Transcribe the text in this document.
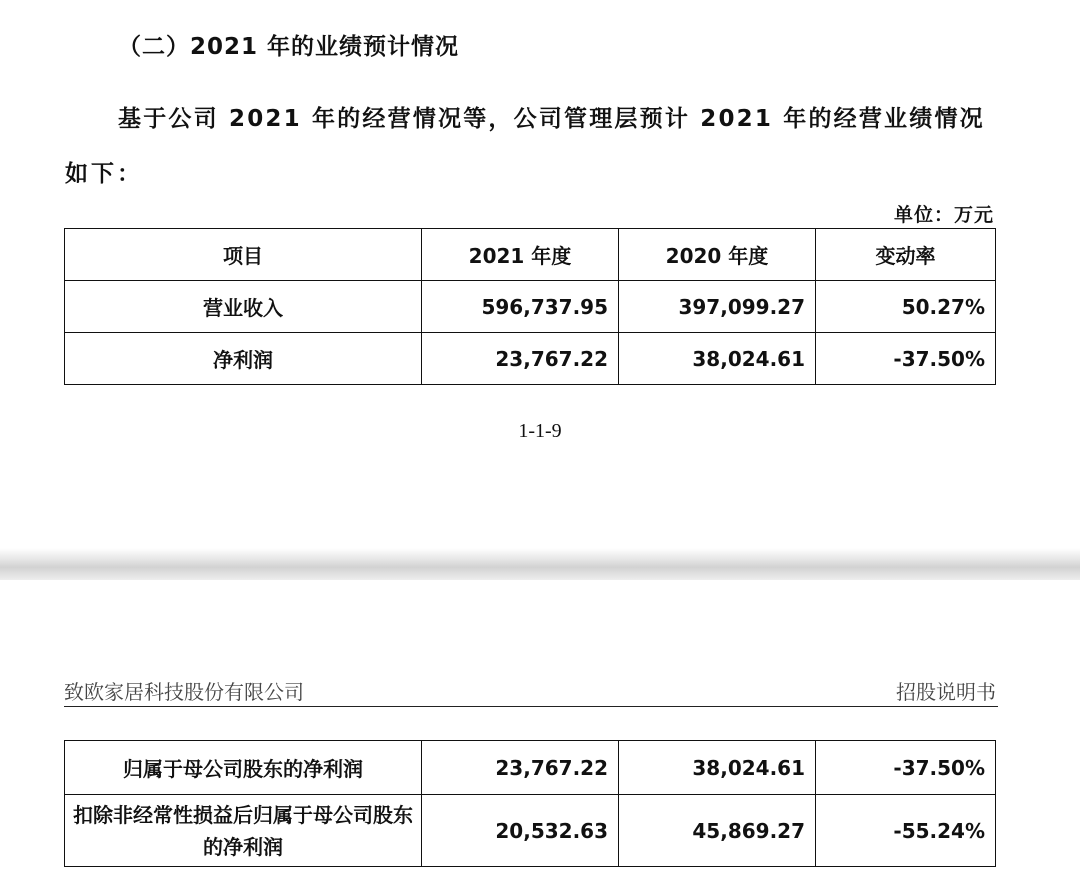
（二）2021 年的业绩预计情况
基于公司 2021 年的经营情况等，公司管理层预计 2021 年的经营业绩情况
如下：
单位：万元
项目	2021 年度	2020 年度	变动率
营业收入	596,737.95	397,099.27	50.27%
净利润	23,767.22	38,024.61	-37.50%
1-1-9
致欧家居科技股份有限公司	招股说明书
归属于母公司股东的净利润	23,767.22	38,024.61	-37.50%
扣除非经常性损益后归属于母公司股东的净利润	20,532.63	45,869.27	-55.24%
